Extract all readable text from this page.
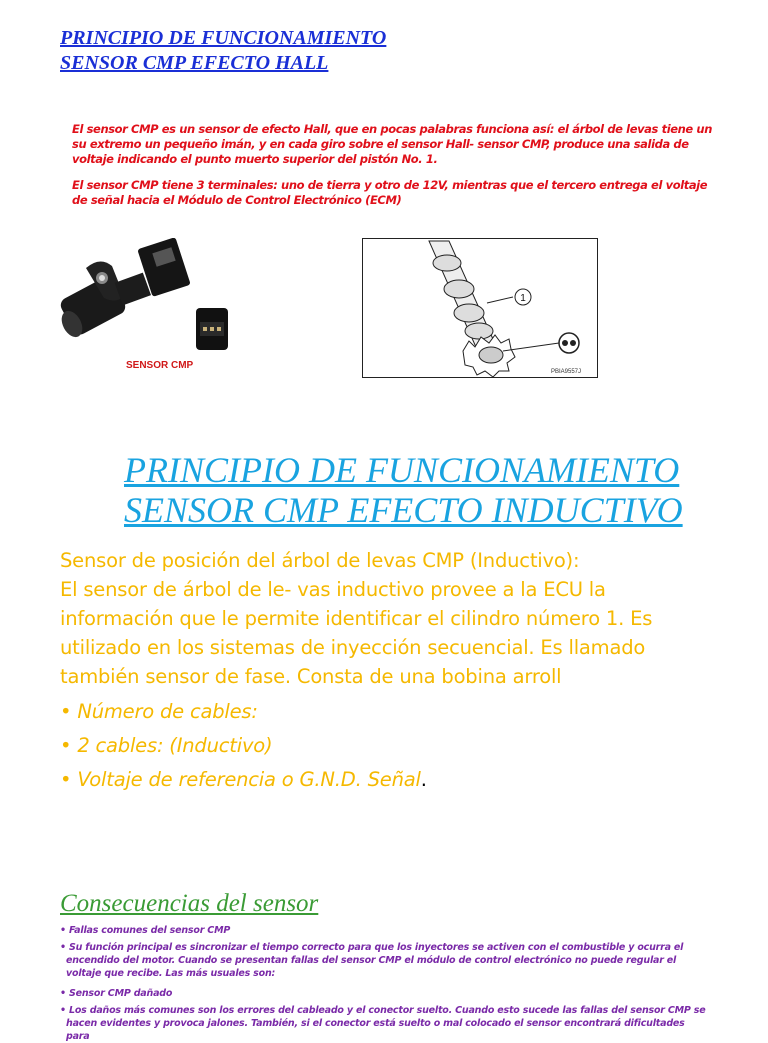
PRINCIPIO DE FUNCIONAMIENTO
SENSOR CMP EFECTO HALL
El sensor CMP es un sensor de efecto Hall, que en pocas palabras funciona así: el árbol de levas tiene un su extremo un pequeño imán, y en cada giro sobre el sensor Hall- sensor CMP, produce una salida de voltaje indicando el punto muerto superior del pistón No. 1.
El sensor CMP tiene 3 terminales: uno de tierra y otro de 12V, mientras que el tercero entrega el voltaje de señal hacia el Módulo de Control Electrónico (ECM)
SENSOR CMP
1
PBIA9557J
PRINCIPIO DE FUNCIONAMIENTO
SENSOR CMP EFECTO INDUCTIVO
Sensor de posición del árbol de levas CMP (Inductivo):
El sensor de árbol de le- vas inductivo provee a la ECU la
información que le permite identificar el cilindro número 1. Es
utilizado en los sistemas de inyección secuencial. Es llamado
también sensor de fase. Consta de una bobina arroll
• Número de cables:
• 2 cables: (Inductivo)
• Voltaje de referencia o G.N.D. Señal.
Consecuencias del sensor
• Fallas comunes del sensor CMP
• Su función principal es sincronizar el tiempo correcto para que los inyectores se activen con el combustible y ocurra el encendido del motor. Cuando se presentan fallas del sensor CMP el módulo de control electrónico no puede regular el voltaje que recibe. Las más usuales son:
• Sensor CMP dañado
• Los daños más comunes son los errores del cableado y el conector suelto. Cuando esto sucede las fallas del sensor CMP se hacen evidentes y provoca jalones. También, si el conector está suelto o mal colocado el sensor encontrará dificultades para
